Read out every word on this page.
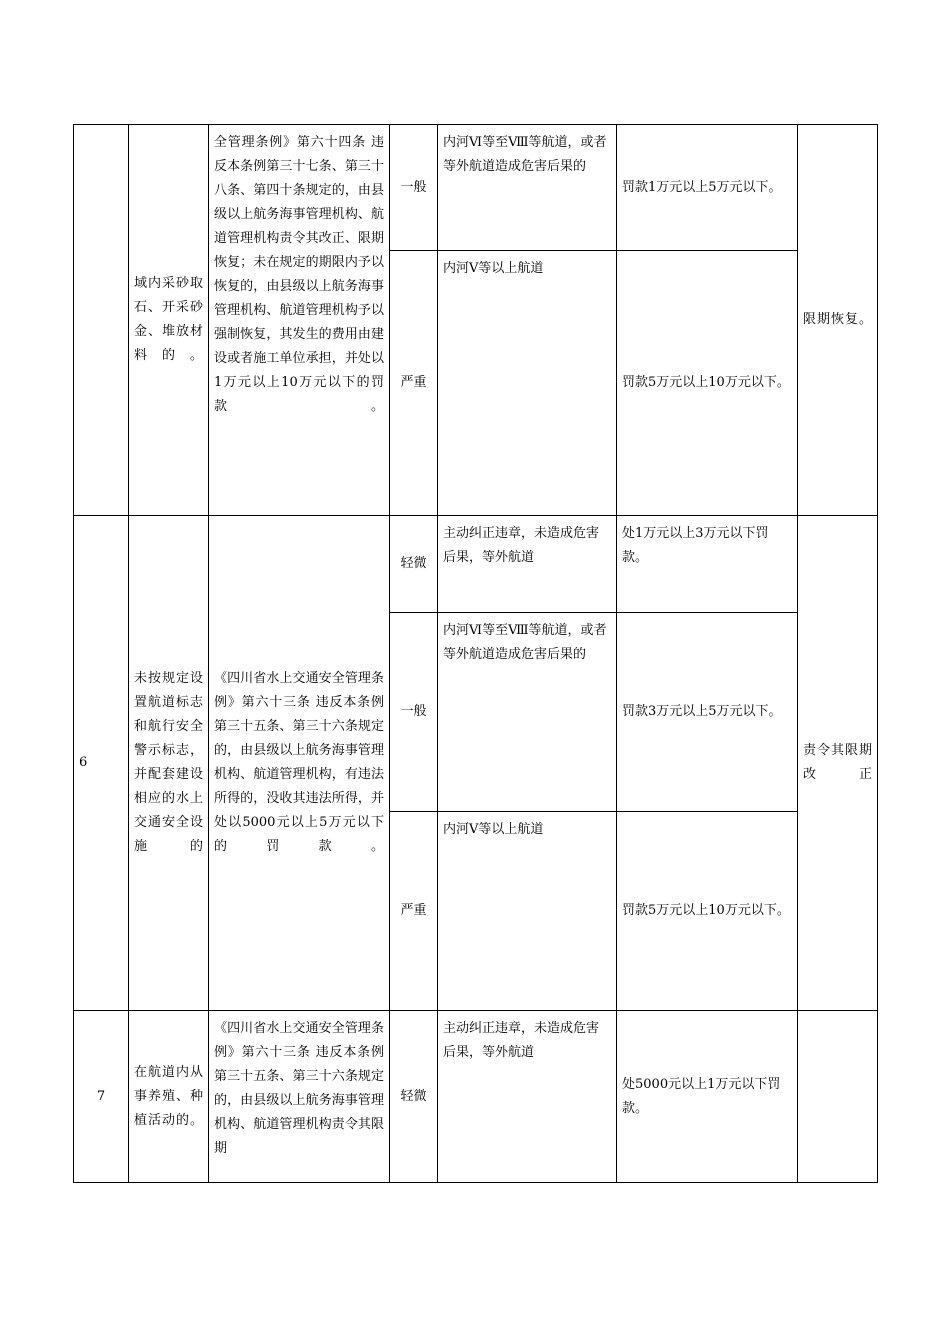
	域内采砂取石、开采砂金、堆放材料的。	全管理条例》第六十四条 违反本条例第三十七条、第三十八条、第四十条规定的，由县级以上航务海事管理机构、航道管理机构责令其改正、限期恢复；未在规定的期限内予以恢复的，由县级以上航务海事管理机构、航道管理机构予以强制恢复，其发生的费用由建设或者施工单位承担，并处以1万元以上10万元以下的罚款。	一般	内河Ⅵ等至Ⅷ等航道，或者等外航道造成危害后果的	罚款1万元以上5万元以下。	限期恢复。
			严重	内河Ⅴ等以上航道	罚款5万元以上10万元以下。	
6	未按规定设置航道标志和航行安全警示标志，并配套建设相应的水上交通安全设施的	《四川省水上交通安全管理条例》第六十三条 违反本条例第三十五条、第三十六条规定的，由县级以上航务海事管理机构、航道管理机构，有违法所得的，没收其违法所得，并处以5000元以上5万元以下的罚款。	轻微	主动纠正违章，未造成危害后果，等外航道	处1万元以上3万元以下罚款。	责令其限期改正
			一般	内河Ⅵ等至Ⅷ等航道，或者等外航道造成危害后果的	罚款3万元以上5万元以下。	
			严重	内河Ⅴ等以上航道	罚款5万元以上10万元以下。	
7	在航道内从事养殖、种植活动的。	《四川省水上交通安全管理条例》第六十三条 违反本条例第三十五条、第三十六条规定的，由县级以上航务海事管理机构、航道管理机构责令其限期	轻微	主动纠正违章，未造成危害后果，等外航道	处5000元以上1万元以下罚款。	
